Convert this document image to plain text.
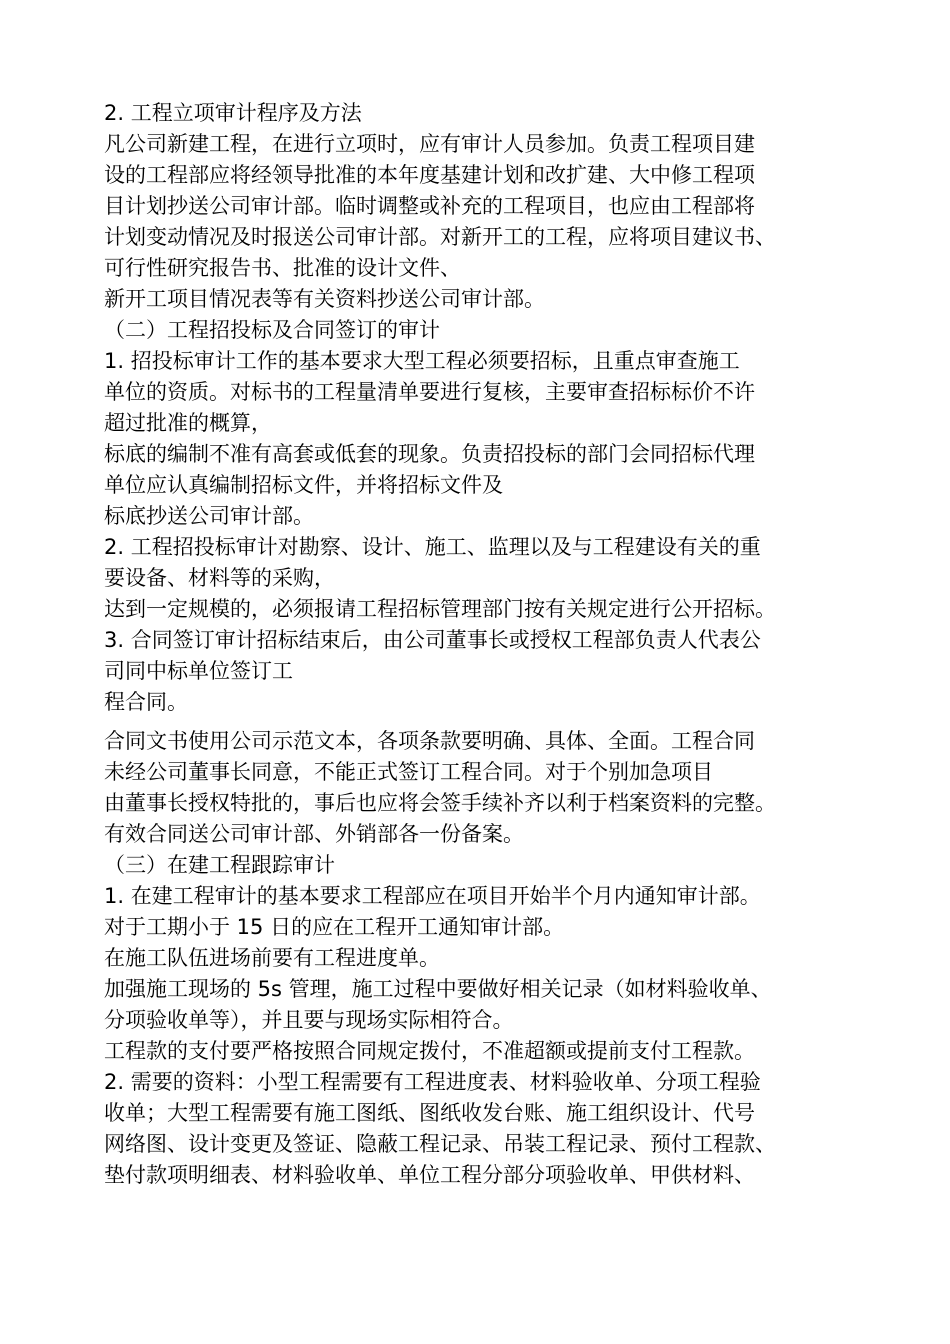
2. 工程立项审计程序及方法
凡公司新建工程，在进行立项时，应有审计人员参加。负责工程项目建
设的工程部应将经领导批准的本年度基建计划和改扩建、大中修工程项
目计划抄送公司审计部。临时调整或补充的工程项目，也应由工程部将
计划变动情况及时报送公司审计部。对新开工的工程，应将项目建议书、
可行性研究报告书、批准的设计文件、
新开工项目情况表等有关资料抄送公司审计部。
（二）工程招投标及合同签订的审计
1. 招投标审计工作的基本要求大型工程必须要招标，且重点审查施工
单位的资质。对标书的工程量清单要进行复核，主要审查招标标价不许
超过批准的概算，
标底的编制不准有高套或低套的现象。负责招投标的部门会同招标代理
单位应认真编制招标文件，并将招标文件及
标底抄送公司审计部。
2. 工程招投标审计对勘察、设计、施工、监理以及与工程建设有关的重
要设备、材料等的采购，
达到一定规模的，必须报请工程招标管理部门按有关规定进行公开招标。
3. 合同签订审计招标结束后，由公司董事长或授权工程部负责人代表公
司同中标单位签订工
程合同。
合同文书使用公司示范文本，各项条款要明确、具体、全面。工程合同
未经公司董事长同意，不能正式签订工程合同。对于个别加急项目
由董事长授权特批的，事后也应将会签手续补齐以利于档案资料的完整。
有效合同送公司审计部、外销部各一份备案。
（三）在建工程跟踪审计
1. 在建工程审计的基本要求工程部应在项目开始半个月内通知审计部。
对于工期小于 15 日的应在工程开工通知审计部。
在施工队伍进场前要有工程进度单。
加强施工现场的 5s 管理，施工过程中要做好相关记录（如材料验收单、
分项验收单等），并且要与现场实际相符合。
工程款的支付要严格按照合同规定拨付，不准超额或提前支付工程款。
2. 需要的资料：小型工程需要有工程进度表、材料验收单、分项工程验
收单；大型工程需要有施工图纸、图纸收发台账、施工组织设计、代号
网络图、设计变更及签证、隐蔽工程记录、吊装工程记录、预付工程款、
垫付款项明细表、材料验收单、单位工程分部分项验收单、甲供材料、
